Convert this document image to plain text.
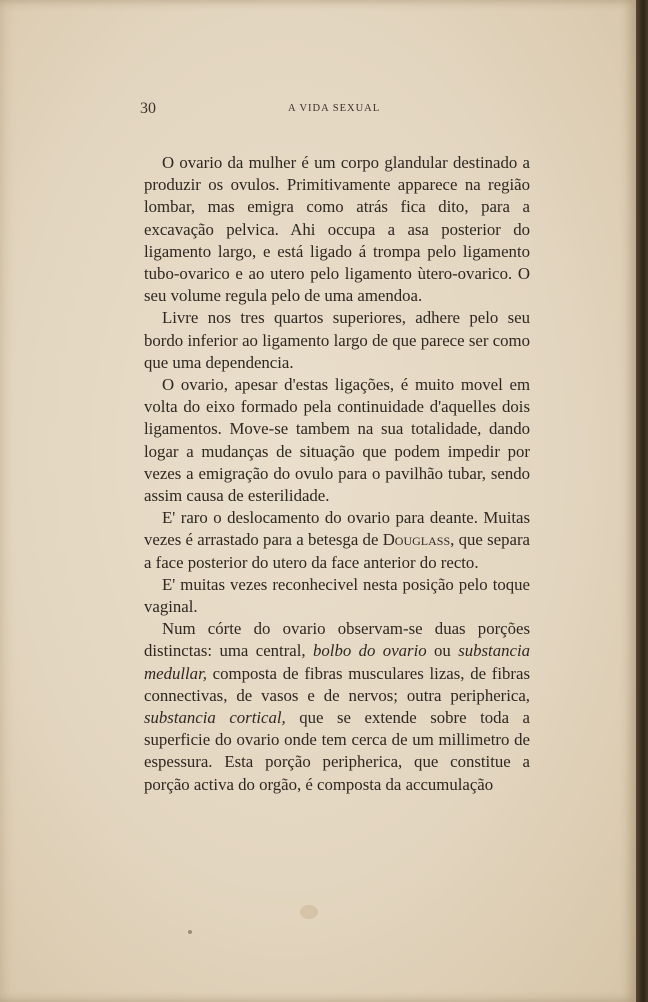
30	A VIDA SEXUAL

O ovario da mulher é um corpo glandular destinado a produzir os ovulos. Primitivamente apparece na região lombar, mas emigra como atrás fica dito, para a excavação pelvica. Ahi occupa a asa posterior do ligamento largo, e está ligado á trompa pelo ligamento tubo-ovarico e ao utero pelo ligamento ùtero-ovarico. O seu volume regula pelo de uma amendoa.

Livre nos tres quartos superiores, adhere pelo seu bordo inferior ao ligamento largo de que parece ser como que uma dependencia.

O ovario, apesar d'estas ligações, é muito movel em volta do eixo formado pela continuidade d'aquelles dois ligamentos. Move-se tambem na sua totalidade, dando logar a mudanças de situação que podem impedir por vezes a emigração do ovulo para o pavilhão tubar, sendo assim causa de esterilidade.

E' raro o deslocamento do ovario para deante. Muitas vezes é arrastado para a betesga de Douglass, que separa a face posterior do utero da face anterior do recto.

E' muitas vezes reconhecivel nesta posição pelo toque vaginal.

Num córte do ovario observam-se duas porções distinctas: uma central, bolbo do ovario ou substancia medullar, composta de fibras musculares lizas, de fibras connectivas, de vasos e de nervos; outra peripherica, substancia cortical, que se extende sobre toda a superficie do ovario onde tem cerca de um millimetro de espessura. Esta porção peripherica, que constitue a porção activa do orgão, é composta da accumulação
